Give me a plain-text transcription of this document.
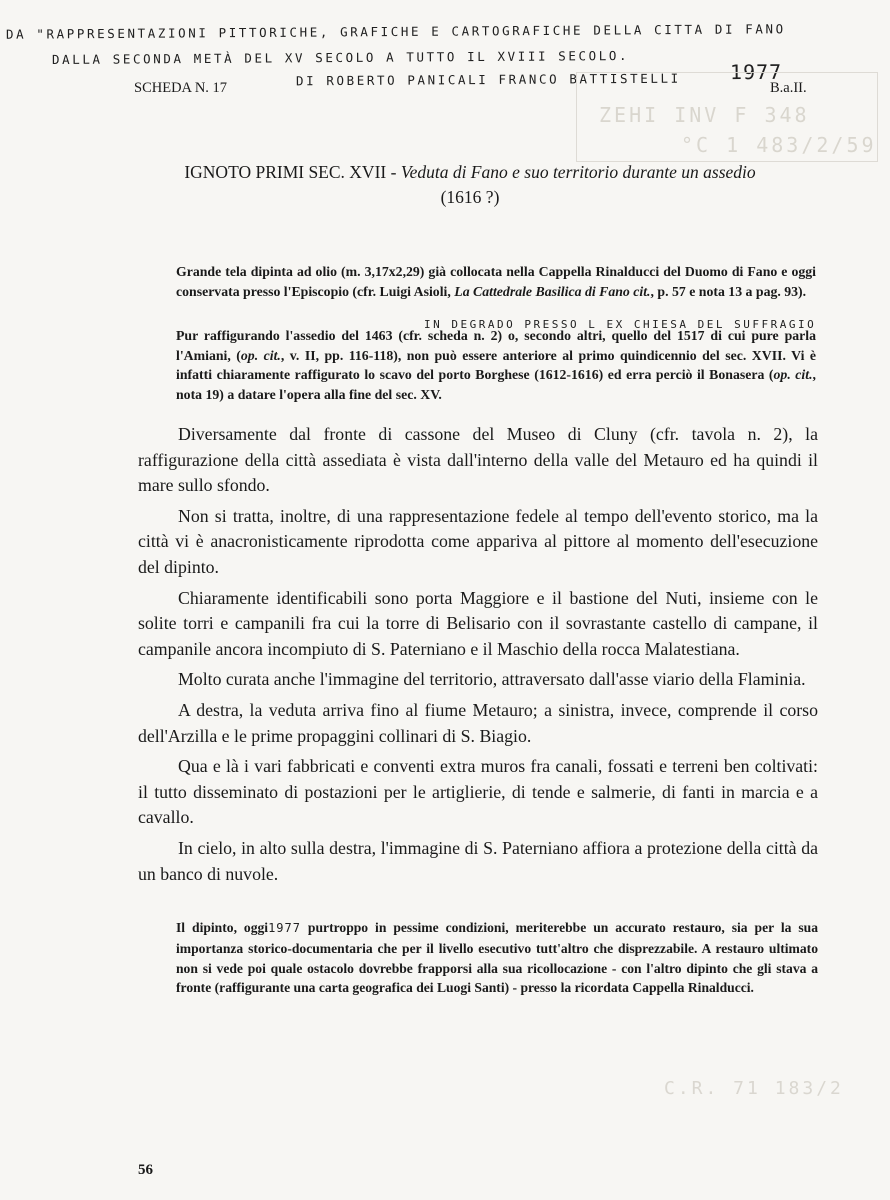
DA "RAPPRESENTAZIONI PITTORICHE, GRAFICHE E CARTOGRAFICHE DELLA CITTA DI FANO
DALLA SECONDA METÀ DEL XV SECOLO A TUTTO IL XVIII SECOLO.
DI ROBERTO PANICALI FRANCO BATTISTELLI 1977
ZEHI INV F 348
°C 1 483/2/59
SCHEDA N. 17	B.a.II.
IGNOTO PRIMI SEC. XVII - Veduta di Fano e suo territorio durante un assedio
(1616 ?)
Grande tela dipinta ad olio (m. 3,17x2,29) già collocata nella Cappella Rinalducci del Duomo di Fano e oggi conservata presso l'Episcopio (cfr. Luigi Asioli, La Cattedrale Basilica di Fano cit., p. 57 e nota 13 a pag. 93).
IN DEGRADO PRESSO L EX CHIESA DEL SUFFRAGIO
Pur raffigurando l'assedio del 1463 (cfr. scheda n. 2) o, secondo altri, quello del 1517 di cui pure parla l'Amiani, (op. cit., v. II, pp. 116-118), non può essere anteriore al primo quindicennio del sec. XVII. Vi è infatti chiaramente raffigurato lo scavo del porto Borghese (1612-1616) ed erra perciò il Bonasera (op. cit., nota 19) a datare l'opera alla fine del sec. XV.

Diversamente dal fronte di cassone del Museo di Cluny (cfr. tavola n. 2), la raffigurazione della città assediata è vista dall'interno della valle del Metauro ed ha quindi il mare sullo sfondo.

Non si tratta, inoltre, di una rappresentazione fedele al tempo dell'evento storico, ma la città vi è anacronisticamente riprodotta come appariva al pittore al momento dell'esecuzione del dipinto.

Chiaramente identificabili sono porta Maggiore e il bastione del Nuti, insieme con le solite torri e campanili fra cui la torre di Belisario con il sovrastante castello di campane, il campanile ancora incompiuto di S. Paterniano e il Maschio della rocca Malatestiana.

Molto curata anche l'immagine del territorio, attraversato dall'asse viario della Flaminia.

A destra, la veduta arriva fino al fiume Metauro; a sinistra, invece, comprende il corso dell'Arzilla e le prime propaggini collinari di S. Biagio.

Qua e là i vari fabbricati e conventi extra muros fra canali, fossati e terreni ben coltivati: il tutto disseminato di postazioni per le artiglierie, di tende e salmerie, di fanti in marcia e a cavallo.

In cielo, in alto sulla destra, l'immagine di S. Paterniano affiora a protezione della città da un banco di nuvole.

Il dipinto, oggi1977 purtroppo in pessime condizioni, meriterebbe un accurato restauro, sia per la sua importanza storico-documentaria che per il livello esecutivo tutt'altro che disprezzabile. A restauro ultimato non si vede poi quale ostacolo dovrebbe frapporsi alla sua ricollocazione - con l'altro dipinto che gli stava a fronte (raffigurante una carta geografica dei Luogi Santi) - presso la ricordata Cappella Rinalducci.
C.R. 71 183/2
56
